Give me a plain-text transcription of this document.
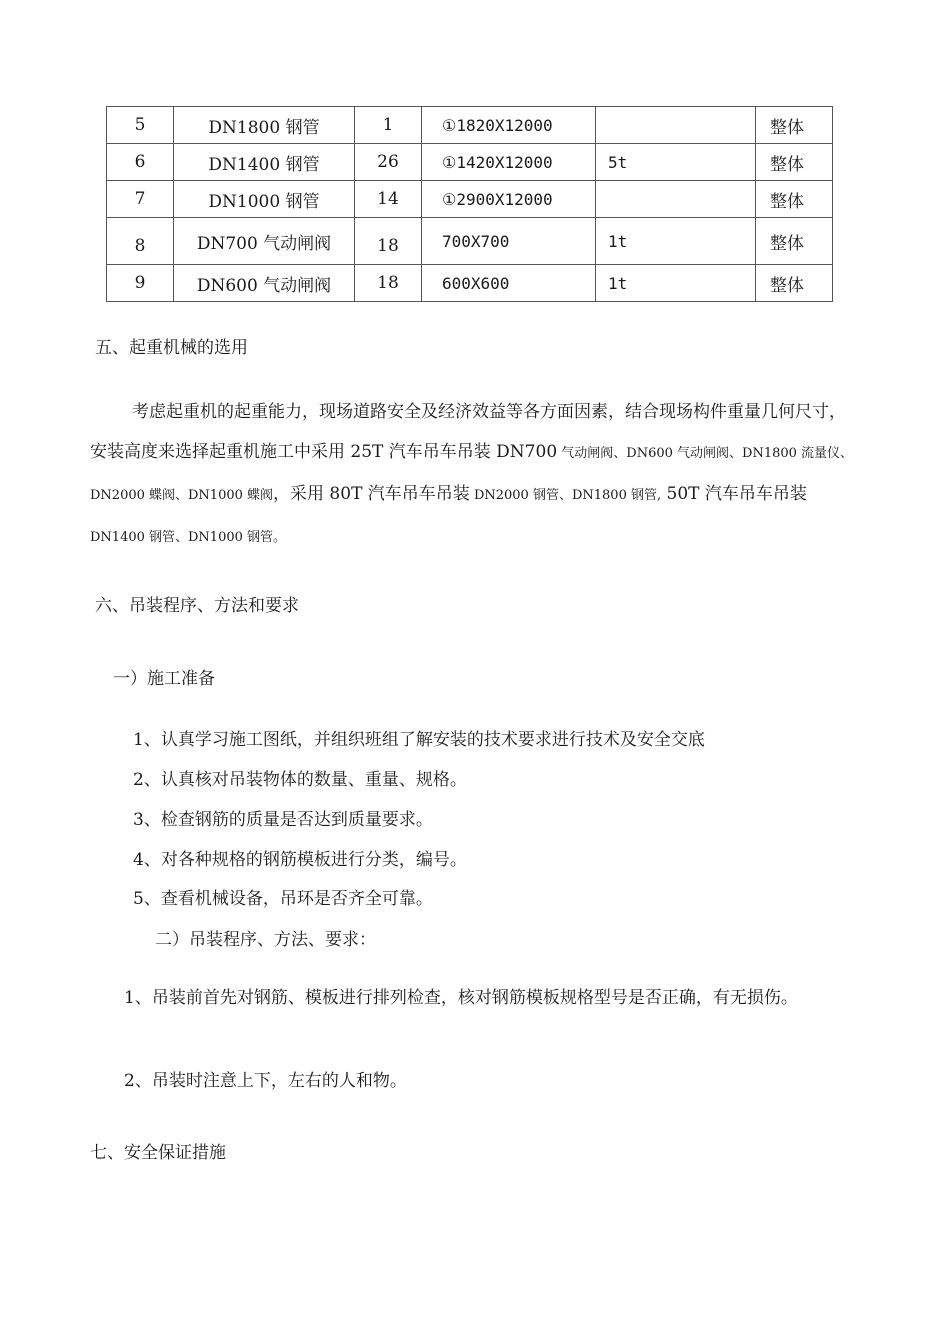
5	DN1800 钢管	1	①1820X12000		整体
6	DN1400 钢管	26	①1420X12000	5t	整体
7	DN1000 钢管	14	①2900X12000		整体
8	DN700 气动闸阀	18	700X700	1t	整体
9	DN600 气动闸阀	18	600X600	1t	整体
五、起重机械的选用
考虑起重机的起重能力，现场道路安全及经济效益等各方面因素，结合现场构件重量几何尺寸，安装高度来选择起重机施工中采用 25T 汽车吊车吊装 DN700 气动闸阀、DN600 气动闸阀、DN1800 流量仪、DN2000 蝶阀、DN1000 蝶阀，采用 80T 汽车吊车吊装 DN2000 钢管、DN1800 钢管, 50T 汽车吊车吊装 DN1400 钢管、DN1000 钢管。
六、吊装程序、方法和要求
一）施工准备
1、认真学习施工图纸，并组织班组了解安装的技术要求进行技术及安全交底
2、认真核对吊装物体的数量、重量、规格。
3、检查钢筋的质量是否达到质量要求。
4、对各种规格的钢筋模板进行分类，编号。
5、查看机械设备，吊环是否齐全可靠。
二）吊装程序、方法、要求：
1、吊装前首先对钢筋、模板进行排列检查，核对钢筋模板规格型号是否正确，有无损伤。
2、吊装时注意上下，左右的人和物。
七、安全保证措施
